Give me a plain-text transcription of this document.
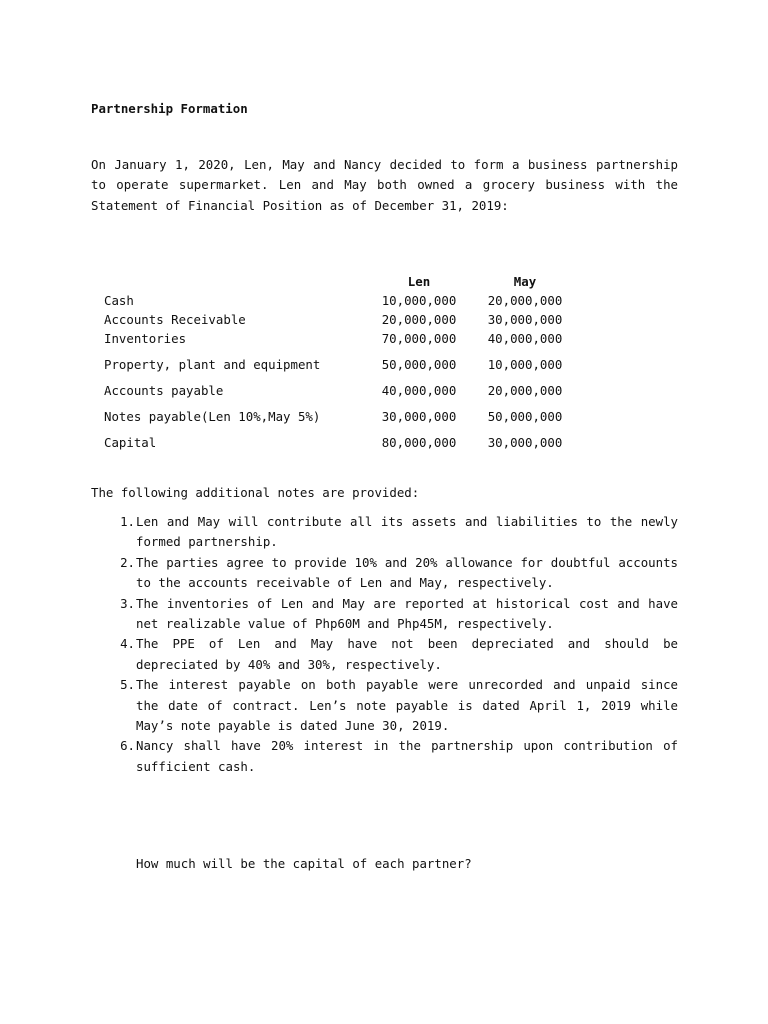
Partnership Formation
On January 1, 2020, Len, May and Nancy decided to form a business partnership to operate supermarket. Len and May both owned a grocery business with the Statement of Financial Position as of December 31, 2019:
	Len	May
Cash	10,000,000	20,000,000
Accounts Receivable	20,000,000	30,000,000
Inventories	70,000,000	40,000,000
Property, plant and equipment	50,000,000	10,000,000
Accounts payable	40,000,000	20,000,000
Notes payable(Len 10%,May 5%)	30,000,000	50,000,000
Capital	80,000,000	30,000,000
The following additional notes are provided:
1. Len and May will contribute all its assets and liabilities to the newly formed partnership.
2. The parties agree to provide 10% and 20% allowance for doubtful accounts to the accounts receivable of Len and May, respectively.
3. The inventories of Len and May are reported at historical cost and have net realizable value of Php60M and Php45M, respectively.
4. The PPE of Len and May have not been depreciated and should be depreciated by 40% and 30%, respectively.
5. The interest payable on both payable were unrecorded and unpaid since the date of contract. Len’s note payable is dated April 1, 2019 while May’s note payable is dated June 30, 2019.
6. Nancy shall have 20% interest in the partnership upon contribution of sufficient cash.
How much will be the capital of each partner?
